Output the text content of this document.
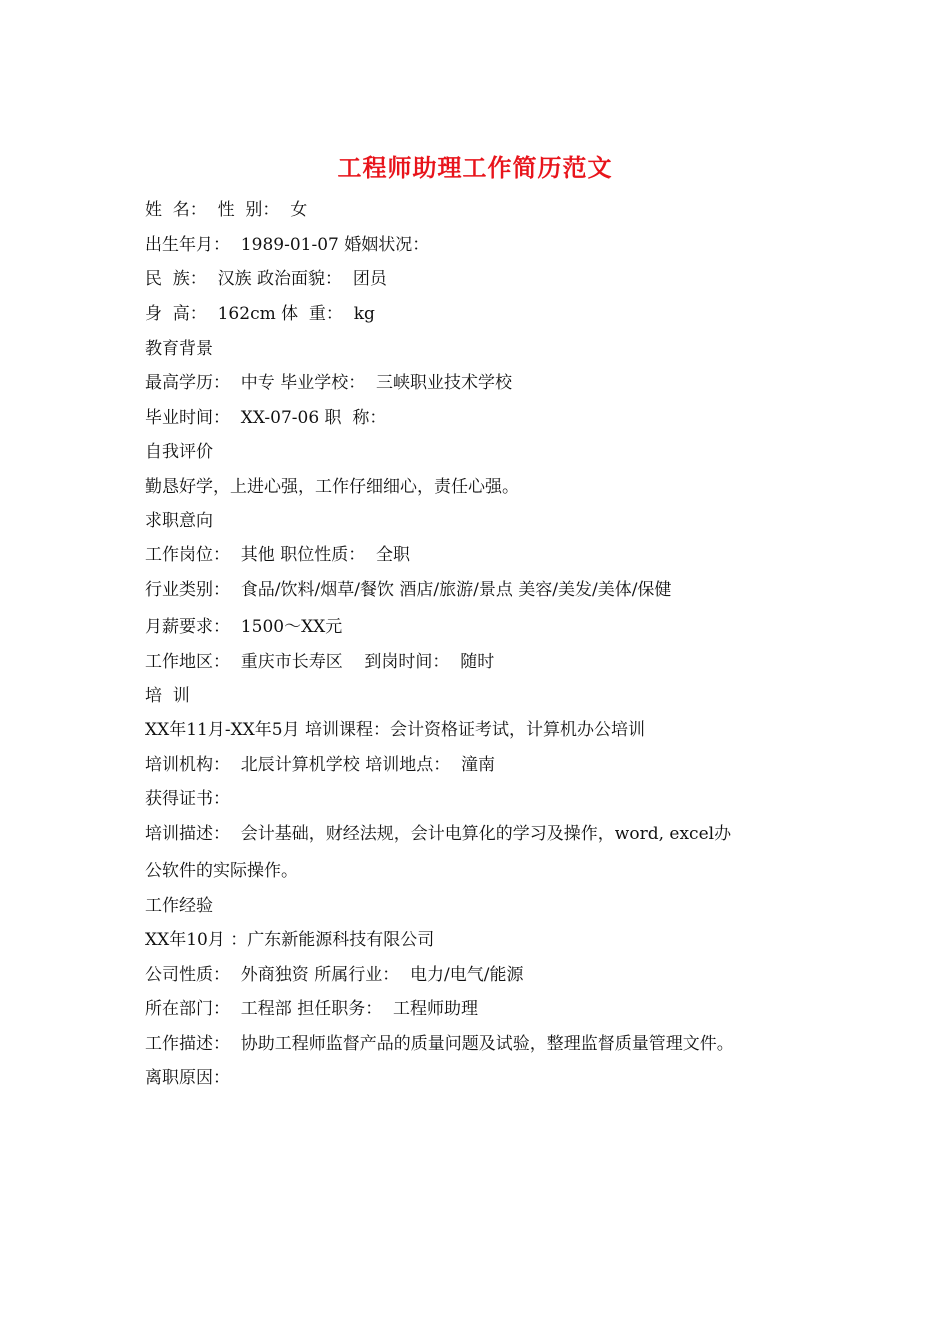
工程师助理工作简历范文
姓  名：  性  别：  女
出生年月：  1989-01-07 婚姻状况：
民  族：  汉族 政治面貌：  团员
身  高：  162cm 体  重：  kg
教育背景
最高学历：  中专 毕业学校：  三峡职业技术学校
毕业时间：  XX-07-06 职  称：
自我评价
勤恳好学，上进心强，工作仔细细心，责任心强。
求职意向
工作岗位：  其他 职位性质：  全职
行业类别：  食品/饮料/烟草/餐饮 酒店/旅游/景点 美容/美发/美体/保健
月薪要求：  1500～XX元
工作地区：  重庆市长寿区    到岗时间：  随时
培  训
XX年11月-XX年5月 培训课程：会计资格证考试，计算机办公培训
培训机构：  北辰计算机学校 培训地点：  潼南
获得证书：
培训描述：  会计基础，财经法规，会计电算化的学习及操作，word, excel办
公软件的实际操作。
工作经验
XX年10月 ：广东新能源科技有限公司
公司性质：  外商独资 所属行业：  电力/电气/能源
所在部门：  工程部 担任职务：  工程师助理
工作描述：  协助工程师监督产品的质量问题及试验，整理监督质量管理文件。
离职原因：
